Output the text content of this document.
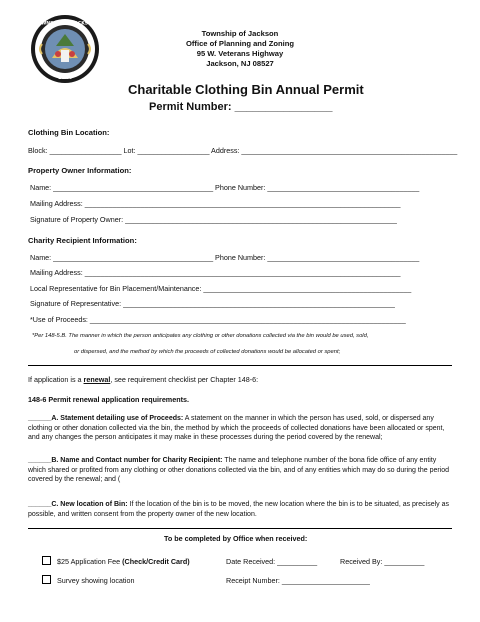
TOWNSHIP OF JACKSON
1844
Township of Jackson
Office of Planning and Zoning
95 W. Veterans Highway
Jackson, NJ 08527
Charitable Clothing Bin Annual Permit
Permit Number: ________________
Clothing Bin Location:
Block: __________________ Lot: __________________ Address: ______________________________________________________
Property Owner Information:
Name: ________________________________________ Phone Number: ______________________________________
Mailing Address: _______________________________________________________________________________
Signature of Property Owner: ____________________________________________________________________
Charity Recipient Information:
Name: ________________________________________ Phone Number: ______________________________________
Mailing Address: _______________________________________________________________________________
Local Representative for Bin Placement/Maintenance: ____________________________________________________
Signature of Representative: ____________________________________________________________________
*Use of Proceeds: _______________________________________________________________________________
*Per 148-5.B. The manner in which the person anticipates any clothing or other donations collected via the bin would be used, sold,
or dispersed, and the method by which the proceeds of collected donations would be allocated or spent;
If application is a renewal, see requirement checklist per Chapter 148-6:
148-6 Permit renewal application requirements.
______A. Statement detailing use of Proceeds: A statement on the manner in which the person has used, sold, or dispersed any clothing or other donation collected via the bin, the method by which the proceeds of collected donations have been allocated or spent, and any changes the person anticipates it may make in these processes during the period covered by the renewal;
______B. Name and Contact number for Charity Recipient: The name and telephone number of the bona fide office of any entity which shared or profited from any clothing or other donations collected via the bin, and of any entities which may do so during the period covered by the renewal; and (
______C. New location of Bin: If the location of the bin is to be moved, the new location where the bin is to be situated, as precisely as possible, and written consent from the property owner of the new location.
To be completed by Office when received:
$25 Application Fee (Check/Credit Card)	Date Received: __________	Received By: __________
Survey showing location	Receipt Number: ______________________
